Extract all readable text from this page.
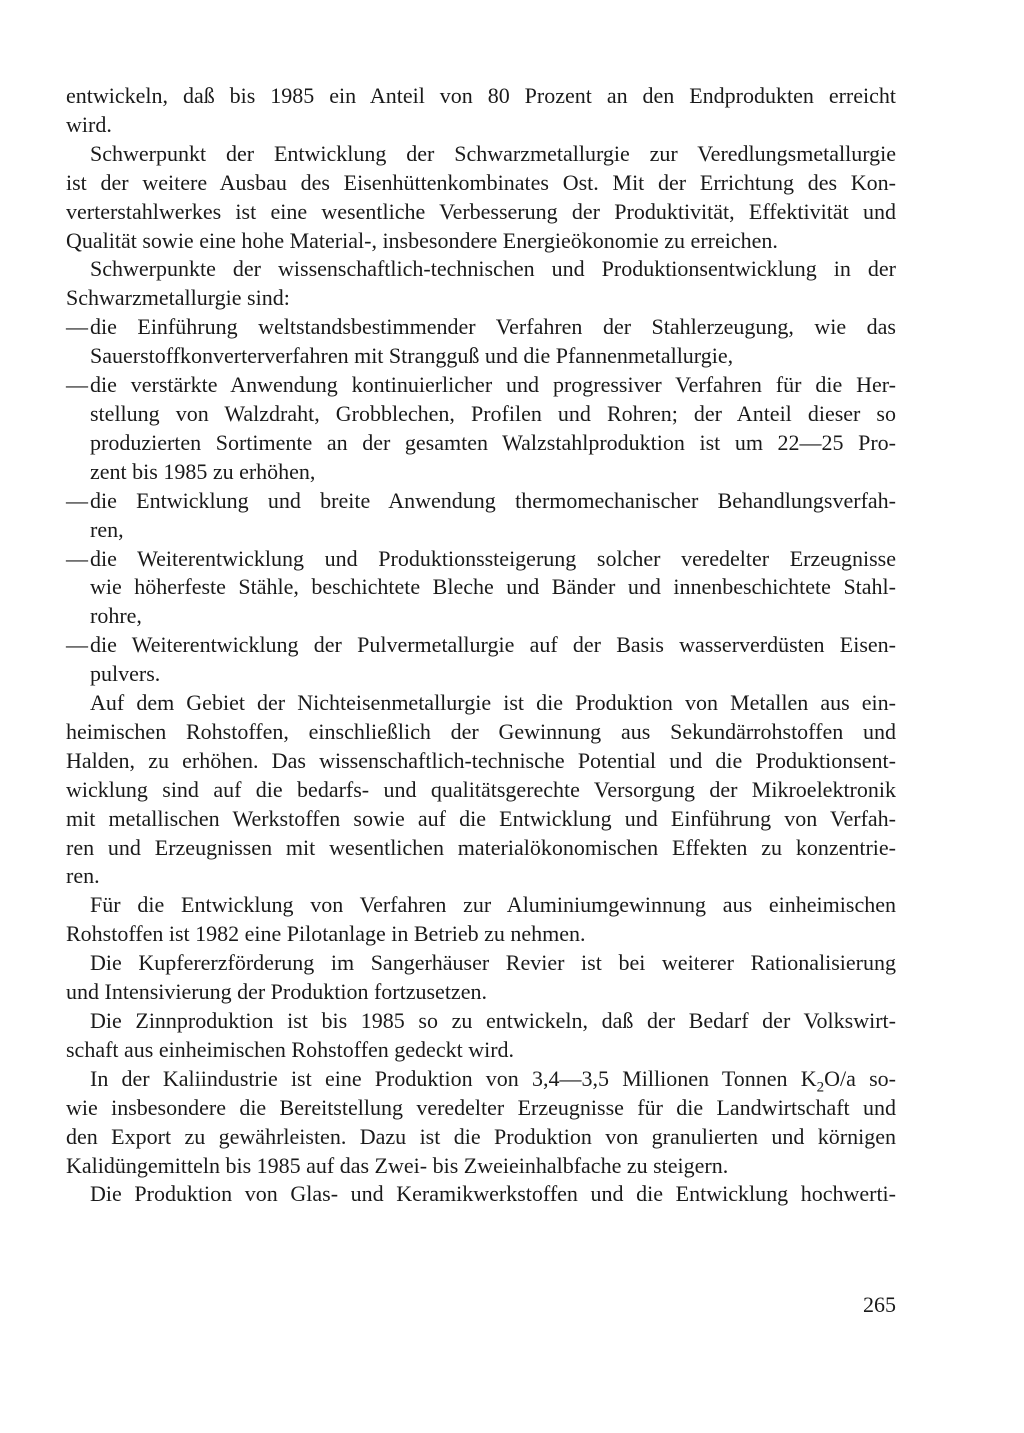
entwickeln, daß bis 1985 ein Anteil von 80 Prozent an den Endprodukten erreicht
wird.
Schwerpunkt der Entwicklung der Schwarzmetallurgie zur Veredlungsmetallurgie
ist der weitere Ausbau des Eisenhüttenkombinates Ost. Mit der Errichtung des Kon-
verterstahlwerkes ist eine wesentliche Verbesserung der Produktivität, Effektivität und
Qualität sowie eine hohe Material-, insbesondere Energieökonomie zu erreichen.
Schwerpunkte der wissenschaftlich-technischen und Produktionsentwicklung in der
Schwarzmetallurgie sind:
— die Einführung weltstandsbestimmender Verfahren der Stahlerzeugung, wie das
Sauerstoffkonverterverfahren mit Strangguß und die Pfannenmetallurgie,
— die verstärkte Anwendung kontinuierlicher und progressiver Verfahren für die Her-
stellung von Walzdraht, Grobblechen, Profilen und Rohren; der Anteil dieser so
produzierten Sortimente an der gesamten Walzstahlproduktion ist um 22—25 Pro-
zent bis 1985 zu erhöhen,
— die Entwicklung und breite Anwendung thermomechanischer Behandlungsverfah-
ren,
— die Weiterentwicklung und Produktionssteigerung solcher veredelter Erzeugnisse
wie höherfeste Stähle, beschichtete Bleche und Bänder und innenbeschichtete Stahl-
rohre,
— die Weiterentwicklung der Pulvermetallurgie auf der Basis wasserverdüsten Eisen-
pulvers.
Auf dem Gebiet der Nichteisenmetallurgie ist die Produktion von Metallen aus ein-
heimischen Rohstoffen, einschließlich der Gewinnung aus Sekundärrohstoffen und
Halden, zu erhöhen. Das wissenschaftlich-technische Potential und die Produktionsent-
wicklung sind auf die bedarfs- und qualitätsgerechte Versorgung der Mikroelektronik
mit metallischen Werkstoffen sowie auf die Entwicklung und Einführung von Verfah-
ren und Erzeugnissen mit wesentlichen materialökonomischen Effekten zu konzentrie-
ren.
Für die Entwicklung von Verfahren zur Aluminiumgewinnung aus einheimischen
Rohstoffen ist 1982 eine Pilotanlage in Betrieb zu nehmen.
Die Kupfererzförderung im Sangerhäuser Revier ist bei weiterer Rationalisierung
und Intensivierung der Produktion fortzusetzen.
Die Zinnproduktion ist bis 1985 so zu entwickeln, daß der Bedarf der Volkswirt-
schaft aus einheimischen Rohstoffen gedeckt wird.
In der Kaliindustrie ist eine Produktion von 3,4—3,5 Millionen Tonnen $K_2O/a$ so-
wie insbesondere die Bereitstellung veredelter Erzeugnisse für die Landwirtschaft und
den Export zu gewährleisten. Dazu ist die Produktion von granulierten und körnigen
Kalidüngemitteln bis 1985 auf das Zwei- bis Zweieinhalbfache zu steigern.
Die Produktion von Glas- und Keramikwerkstoffen und die Entwicklung hochwerti-
265
